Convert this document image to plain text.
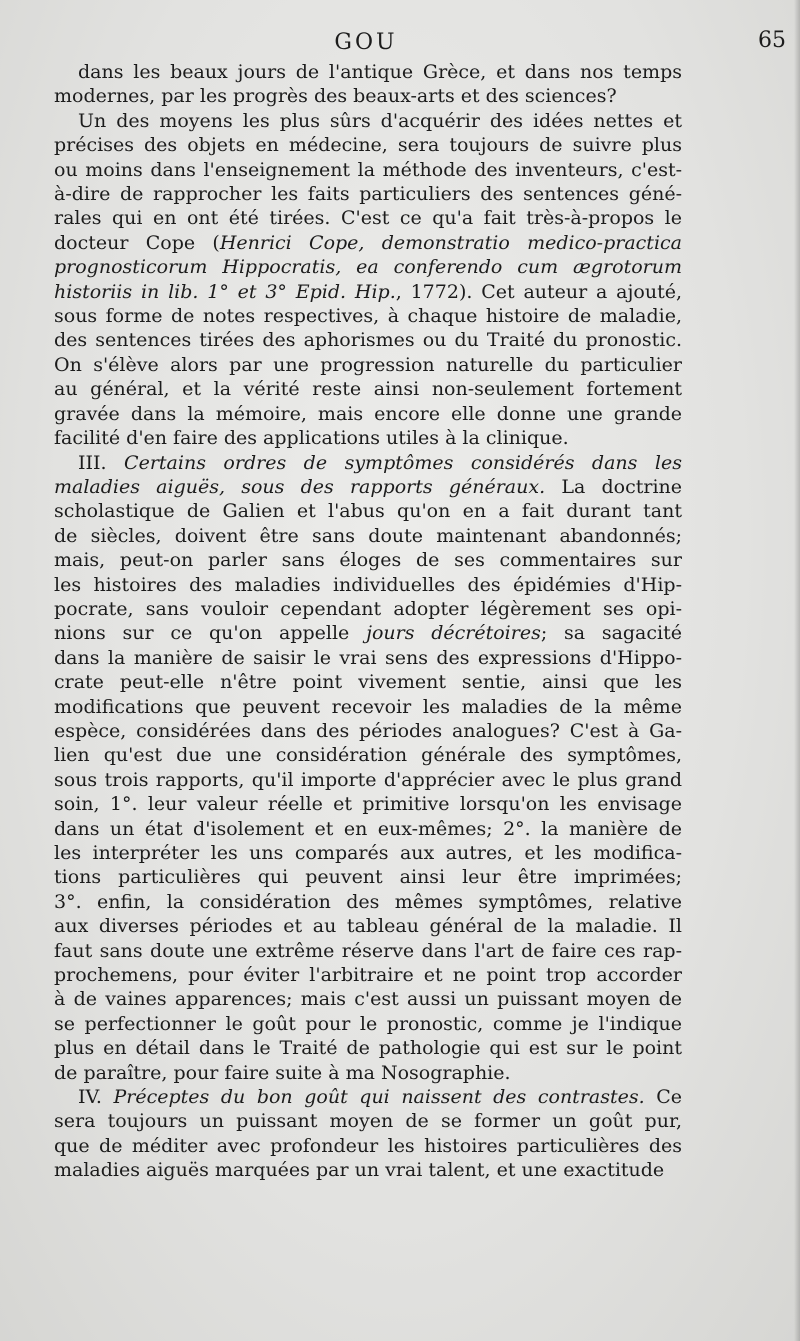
GOU	65
dans les beaux jours de l'antique Grèce, et dans nos temps
modernes, par les progrès des beaux-arts et des sciences?
Un des moyens les plus sûrs d'acquérir des idées nettes et
précises des objets en médecine, sera toujours de suivre plus
ou moins dans l'enseignement la méthode des inventeurs, c'est-
à-dire de rapprocher les faits particuliers des sentences géné-
rales qui en ont été tirées. C'est ce qu'a fait très-à-propos le
docteur Cope (Henrici Cope, demonstratio medico-practica
prognosticorum Hippocratis, ea conferendo cum ægrotorum
historiis in lib. 1° et 3° Epid. Hip., 1772). Cet auteur a ajouté,
sous forme de notes respectives, à chaque histoire de maladie,
des sentences tirées des aphorismes ou du Traité du pronostic.
On s'élève alors par une progression naturelle du particulier
au général, et la vérité reste ainsi non-seulement fortement
gravée dans la mémoire, mais encore elle donne une grande
facilité d'en faire des applications utiles à la clinique.
III. Certains ordres de symptômes considérés dans les
maladies aiguës, sous des rapports généraux. La doctrine
scholastique de Galien et l'abus qu'on en a fait durant tant
de siècles, doivent être sans doute maintenant abandonnés;
mais, peut-on parler sans éloges de ses commentaires sur
les histoires des maladies individuelles des épidémies d'Hip-
pocrate, sans vouloir cependant adopter légèrement ses opi-
nions sur ce qu'on appelle jours décrétoires; sa sagacité
dans la manière de saisir le vrai sens des expressions d'Hippo-
crate peut-elle n'être point vivement sentie, ainsi que les
modifications que peuvent recevoir les maladies de la même
espèce, considérées dans des périodes analogues? C'est à Ga-
lien qu'est due une considération générale des symptômes,
sous trois rapports, qu'il importe d'apprécier avec le plus grand
soin, 1°. leur valeur réelle et primitive lorsqu'on les envisage
dans un état d'isolement et en eux-mêmes; 2°. la manière de
les interpréter les uns comparés aux autres, et les modifica-
tions particulières qui peuvent ainsi leur être imprimées;
3°. enfin, la considération des mêmes symptômes, relative
aux diverses périodes et au tableau général de la maladie. Il
faut sans doute une extrême réserve dans l'art de faire ces rap-
prochemens, pour éviter l'arbitraire et ne point trop accorder
à de vaines apparences; mais c'est aussi un puissant moyen de
se perfectionner le goût pour le pronostic, comme je l'indique
plus en détail dans le Traité de pathologie qui est sur le point
de paraître, pour faire suite à ma Nosographie.
IV. Préceptes du bon goût qui naissent des contrastes. Ce
sera toujours un puissant moyen de se former un goût pur,
que de méditer avec profondeur les histoires particulières des
maladies aiguës marquées par un vrai talent, et une exactitude
